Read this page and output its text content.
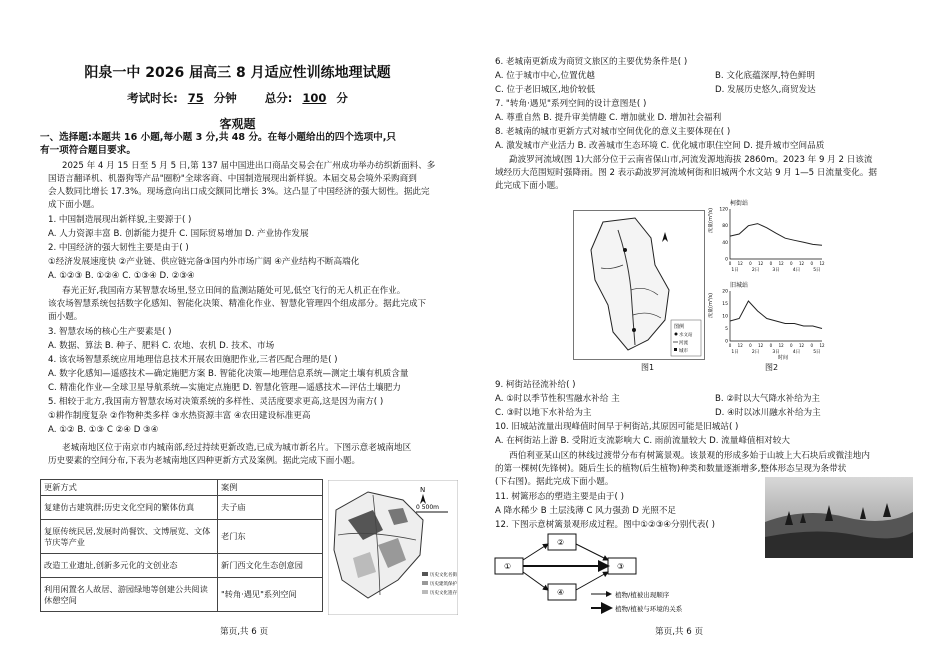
阳泉一中 2026 届高三 8 月适应性训练地理试题
考试时长: 75 分钟 总分: 100 分
客观题
一、选择题:本题共 16 小题,每小题 3 分,共 48 分。在每小题给出的四个选项中,只
有一项符合题目要求。
2025 年 4 月 15 日至 5 月 5 日,第 137 届中国进出口商品交易会在广州成功举办纺织新面料、多
国语言翻译机、机器狗等产品"圈粉"全球客商、中国制造展现出新样貌。本届交易会境外采购商到
会人数同比增长 17.3%。现场意向出口成交额同比增长 3%。这凸显了中国经济的强大韧性。据此完
成下面小题。
1. 中国制造展现出新样貌,主要源于( )
A. 人力资源丰富 B. 创新能力提升 C. 国际贸易增加 D. 产业协作发展
2. 中国经济的强大韧性主要是由于( )
①经济发展速度快 ②产业链、供应链完备③国内外市场广阔 ④产业结构不断高端化
A. ①②③ B. ①②④ C. ①③④ D. ②③④
春光正好,我国南方某智慧农场里,竖立田间的监测站随处可见,低空飞行的无人机正在作业。
该农场智慧系统包括数字化感知、智能化决策、精准化作业、智慧化管理四个组成部分。据此完成下
面小题。
3. 智慧农场的核心生产要素是( )
A. 数据、算法 B. 种子、肥料 C. 农地、农机 D. 技术、市场
4. 该农场智慧系统应用地理信息技术开展农田施肥作业,三者匹配合理的是( )
A. 数字化感知—遥感技术—确定施肥方案 B. 智能化决策—地理信息系统—测定土壤有机质含量
C. 精准化作业—全球卫星导航系统—实施定点施肥 D. 智慧化管理—遥感技术—评估土壤肥力
5. 相较于北方,我国南方智慧农场对决策系统的多样性、灵活度要求更高,这是因为南方( )
①耕作制度复杂 ②作物种类多样 ③水热资源丰富 ④农田建设标准更高
A. ①② B. ①③ C ②④ D ③④
老城南地区位于南京市内城南部,经过持续更新改造,已成为城市新名片。下图示意老城南地区
历史要素的空间分布,下表为老城南地区四种更新方式及案例。据此完成下面小题。
更新方式	案例
复建仿古建筑群;历史文化空间的繁体仿真	夫子庙
复原传统民居,发展时尚餐饮、文博展览、文体节庆等产业	老门东
改造工业遗址,创新多元化的文创业态	新门西文化生态创意园
利用闲置名人故居、游园绿地等创建公共阅读休憩空间	"转角·遇见"系列空间
N
0 500m
历史文化名街
历史建筑保护
历史文化遗存
第页,共 6 页
6. 老城南更新成为商贸文旅区的主要优势条件是( )
A. 位于城市中心,位置优越	B. 文化底蕴深厚,特色鲜明
C. 位于老旧城区,地价较低	D. 发展历史悠久,商贸发达
7. "转角·遇见"系列空间的设计意图是( )
A. 尊重自然 B. 提升审美情趣 C. 增加就业 D. 增加社会福利
8. 老城南的城市更新方式对城市空间优化的意义主要体现在( )
A. 激发城市产业活力 B. 改善城市生态环境 C. 优化城市职住空间 D. 提升城市空间品质
勐波罗河流域(图 1)大部分位于云南省保山市,河流发源地海拔 2860m。2023 年 9 月 2 日该流
域经历大范围短时强降雨。图 2 表示勐波罗河流域柯街和旧城两个水文站 9 月 1—5 日流量变化。据
此完成下面小题。
图例
水文站
河流
城市
图1
柯街站
旧城站
0
40
80
120
0 12 0 12 0 12 0 12 0 12
1日	2日	3日	4日	5日
0
5
10
15
20
0 12 0 12 0 12 0 12 0 12
1日	2日	3日	4日	5日
流量(m³/s)
流量(m³/s)
时间
图2
9. 柯街站径流补给( )
A. ①时以季节性积雪融水补给 主	B. ②时以大气降水补给为主
C. ③时以地下水补给为主	D. ④时以冰川融水补给为主
10. 旧城站流量出现峰值时间早于柯街站,其原因可能是旧城站( )
A. 在柯街站上游 B. 受附近支流影响大 C. 雨前流量较大 D. 流量峰值相对较大
西伯利亚某山区的林线过渡带分布有树篱景观。该景观的形成多始于山坡上大石块后或微洼地内
的第一棵树(先锋树)。随后生长的植物(后生植物)种类和数量逐渐增多,整体形态呈现为条带状
(下右图)。据此完成下面小题。
11. 树篱形态的塑造主要是由于( )
A 降水稀少 B 土层浅薄 C 风力强劲 D 光照不足
12. 下图示意树篱景观形成过程。图中①②③④分别代表( )
①
②
③
④	植物/植被出现顺序
植物/植被与环境的关系
第页,共 6 页
